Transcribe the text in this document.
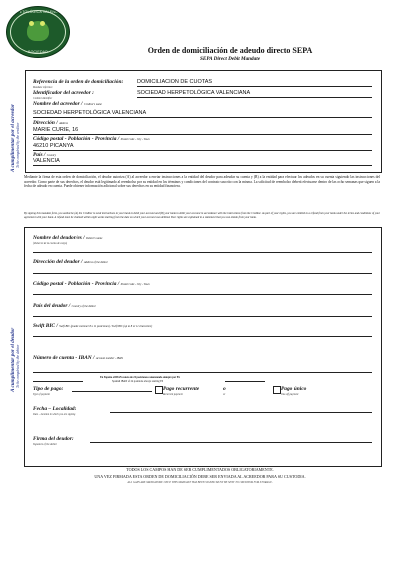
HERPETOLÓGICA VALENCIANA
SOCIEDAD	Orden de domiciliación de adeudo directo SEPA
SEPA Direct Debit Mandate
A cumplimentar por el acreedor To be completed by the creditor
A cumplimentar por el deudor To be completed by the debtor
Referencia de la orden de domiciliación: DOMICILIACION DE CUOTAS
Mandate reference
Identificador del acreedor :	SOCIEDAD HERPETOLÓGICA VALENCIANA
Creditor Identifier
Nombre del acreedor / Creditor's name
SOCIEDAD HERPETOLÓGICA VALENCIANA
Dirección / Address
MARIE CURIE, 16
Código postal - Población - Provincia / Postal Code - City - Town
46210 PICANYA
País / Country
VALENCIA
Mediante la firma de esta orden de domiciliación, el deudor autoriza (A) al acreedor a enviar instrucciones a la entidad del deudor para adeudar su cuenta y (B) a la entidad para efectuar los adeudos en su cuenta siguiendo las instrucciones del acreedor. Como parte de sus derechos, el deudor está legitimado al reembolso por su entidad en los términos y condiciones del contrato suscrito con la misma. La solicitud de reembolso deberá efectuarse dentro de las ocho semanas que siguen a la fecha de adeudo en cuenta. Puede obtener información adicional sobre sus derechos en su entidad financiera.
By signing this mandate form, you authorise (A) the Creditor to send instructions to your bank to debit your account and (B) your bank to debit your account in accordance with the instructions from the Creditor. As part of your rights, you are entitled to a refund from your bank under the terms and conditions of your agreement with your bank. A refund must be claimed within eight weeks starting from the date on which your account was debited. Your rights are explained in a statement that you can obtain from your bank.
Nombre del deudor/es / Debtor's name
(titular/es de la cuenta de cargo)
Dirección del deudor / Address of the debtor
Código postal - Población - Provincia / Postal Code - City - Town
País del deudor / Country of the debtor
Swift BIC / Swift BIC (puede contener 8 u 11 posiciones) / Swift BIC (up to 8 or 11 characters)
Número de cuenta - IBAN / Account number - IBAN
En España el IBAN consta de 24 posiciones comenzando siempre por ES
Spanish IBAN of 24 positions always starting ES
Tipo de pago:
Type of payment
Pago recurrente
Recurrent payment
o
or
Pago único
One-off payment
Fecha – Localidad:
Date – location in which you are signing
Firma del deudor:
Signature of the debtor
TODOS LOS CAMPOS HAN DE SER CUMPLIMENTADOS OBLIGATORIAMENTE.
UNA VEZ FIRMADA ESTA ORDEN DE DOMICILIACIÓN DEBE SER ENVIADA AL ACREEDOR PARA SU CUSTODIA.
ALL GAPS ARE MANDATORY. ONCE THIS MANDATE HAS BEEN SIGNED MUST BE SENT TO CREDITOR FOR STORAGE.
